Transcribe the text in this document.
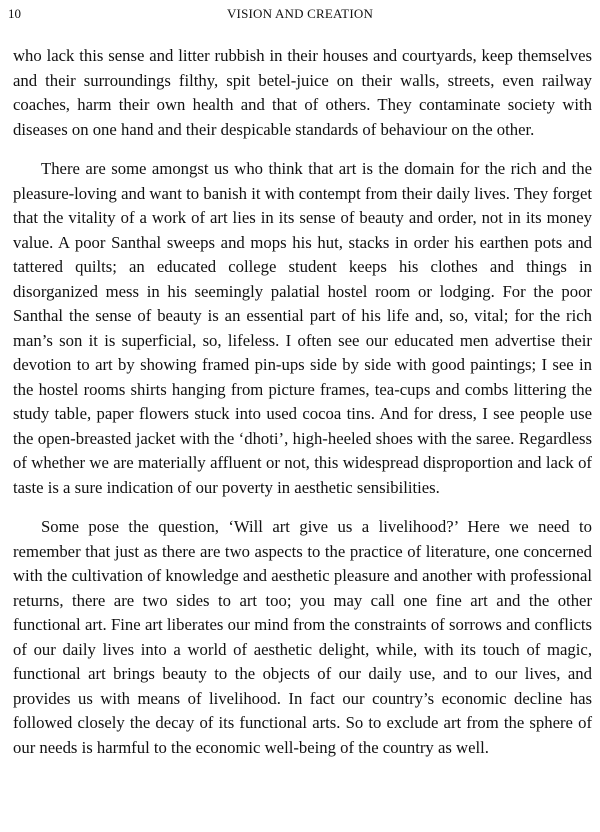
10	VISION AND CREATION

who lack this sense and litter rubbish in their houses and courtyards, keep themselves and their surroundings filthy, spit betel-juice on their walls, streets, even railway coaches, harm their own health and that of others. They contaminate society with diseases on one hand and their despicable standards of behaviour on the other.

There are some amongst us who think that art is the domain for the rich and the pleasure-loving and want to banish it with contempt from their daily lives. They forget that the vitality of a work of art lies in its sense of beauty and order, not in its money value. A poor Santhal sweeps and mops his hut, stacks in order his earthen pots and tattered quilts; an educated college student keeps his clothes and things in disorganized mess in his seemingly palatial hostel room or lodging. For the poor Santhal the sense of beauty is an essential part of his life and, so, vital; for the rich man’s son it is superficial, so, lifeless. I often see our educated men advertise their devotion to art by showing framed pin-ups side by side with good paintings; I see in the hostel rooms shirts hanging from picture frames, tea-cups and combs littering the study table, paper flowers stuck into used cocoa tins. And for dress, I see people use the open-breasted jacket with the ‘dhoti’, high-heeled shoes with the saree. Regardless of whether we are materially affluent or not, this widespread disproportion and lack of taste is a sure indication of our poverty in aesthetic sensibilities.

Some pose the question, ‘Will art give us a livelihood?’ Here we need to remember that just as there are two aspects to the practice of literature, one concerned with the cultivation of knowledge and aesthetic pleasure and another with professional returns, there are two sides to art too; you may call one fine art and the other functional art. Fine art liberates our mind from the constraints of sorrows and conflicts of our daily lives into a world of aesthetic delight, while, with its touch of magic, functional art brings beauty to the objects of our daily use, and to our lives, and provides us with means of livelihood. In fact our country’s economic decline has followed closely the decay of its functional arts. So to exclude art from the sphere of our needs is harmful to the economic well-being of the country as well.
